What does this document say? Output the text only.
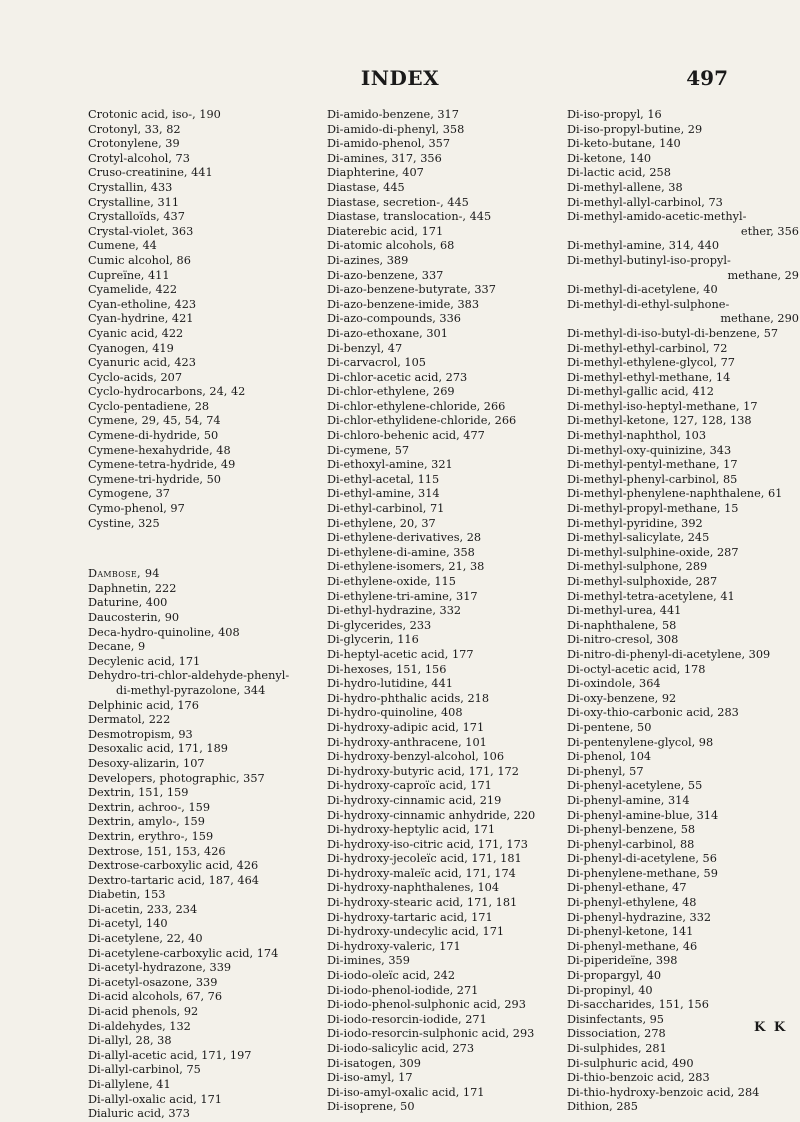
INDEX	497
Crotonic acid, iso-, 190
Crotonyl, 33, 82
Crotonylene, 39
Crotyl-alcohol, 73
Cruso-creatinine, 441
Crystallin, 433
Crystalline, 311
Crystalloïds, 437
Crystal-violet, 363
Cumene, 44
Cumic alcohol, 86
Cupreïne, 411
Cyamelide, 422
Cyan-etholine, 423
Cyan-hydrine, 421
Cyanic acid, 422
Cyanogen, 419
Cyanuric acid, 423
Cyclo-acids, 207
Cyclo-hydrocarbons, 24, 42
Cyclo-pentadiene, 28
Cymene, 29, 45, 54, 74
Cymene-di-hydride, 50
Cymene-hexahydride, 48
Cymene-tetra-hydride, 49
Cymene-tri-hydride, 50
Cymogene, 37
Cymo-phenol, 97
Cystine, 325
Dambose, 94
Daphnetin, 222
Daturine, 400
Daucosterin, 90
Deca-hydro-quinoline, 408
Decane, 9
Decylenic acid, 171
Dehydro-tri-chlor-aldehyde-phenyl-
di-methyl-pyrazolone, 344
Delphinic acid, 176
Dermatol, 222
Desmotropism, 93
Desoxalic acid, 171, 189
Desoxy-alizarin, 107
Developers, photographic, 357
Dextrin, 151, 159
Dextrin, achroo-, 159
Dextrin, amylo-, 159
Dextrin, erythro-, 159
Dextrose, 151, 153, 426
Dextrose-carboxylic acid, 426
Dextro-tartaric acid, 187, 464
Diabetin, 153
Di-acetin, 233, 234
Di-acetyl, 140
Di-acetylene, 22, 40
Di-acetylene-carboxylic acid, 174
Di-acetyl-hydrazone, 339
Di-acetyl-osazone, 339
Di-acid alcohols, 67, 76
Di-acid phenols, 92
Di-aldehydes, 132
Di-allyl, 28, 38
Di-allyl-acetic acid, 171, 197
Di-allyl-carbinol, 75
Di-allylene, 41
Di-allyl-oxalic acid, 171
Dialuric acid, 373
Di-amido-benzene, 317
Di-amido-di-phenyl, 358
Di-amido-phenol, 357
Di-amines, 317, 356
Diaphterine, 407
Diastase, 445
Diastase, secretion-, 445
Diastase, translocation-, 445
Diaterebic acid, 171
Di-atomic alcohols, 68
Di-azines, 389
Di-azo-benzene, 337
Di-azo-benzene-butyrate, 337
Di-azo-benzene-imide, 383
Di-azo-compounds, 336
Di-azo-ethoxane, 301
Di-benzyl, 47
Di-carvacrol, 105
Di-chlor-acetic acid, 273
Di-chlor-ethylene, 269
Di-chlor-ethylene-chloride, 266
Di-chlor-ethylidene-chloride, 266
Di-chloro-behenic acid, 477
Di-cymene, 57
Di-ethoxyl-amine, 321
Di-ethyl-acetal, 115
Di-ethyl-amine, 314
Di-ethyl-carbinol, 71
Di-ethylene, 20, 37
Di-ethylene-derivatives, 28
Di-ethylene-di-amine, 358
Di-ethylene-isomers, 21, 38
Di-ethylene-oxide, 115
Di-ethylene-tri-amine, 317
Di-ethyl-hydrazine, 332
Di-glycerides, 233
Di-glycerin, 116
Di-heptyl-acetic acid, 177
Di-hexoses, 151, 156
Di-hydro-lutidine, 441
Di-hydro-phthalic acids, 218
Di-hydro-quinoline, 408
Di-hydroxy-adipic acid, 171
Di-hydroxy-anthracene, 101
Di-hydroxy-benzyl-alcohol, 106
Di-hydroxy-butyric acid, 171, 172
Di-hydroxy-caproïc acid, 171
Di-hydroxy-cinnamic acid, 219
Di-hydroxy-cinnamic anhydride, 220
Di-hydroxy-heptylic acid, 171
Di-hydroxy-iso-citric acid, 171, 173
Di-hydroxy-jecoleïc acid, 171, 181
Di-hydroxy-maleïc acid, 171, 174
Di-hydroxy-naphthalenes, 104
Di-hydroxy-stearic acid, 171, 181
Di-hydroxy-tartaric acid, 171
Di-hydroxy-undecylic acid, 171
Di-hydroxy-valeric, 171
Di-imines, 359
Di-iodo-oleïc acid, 242
Di-iodo-phenol-iodide, 271
Di-iodo-phenol-sulphonic acid, 293
Di-iodo-resorcin-iodide, 271
Di-iodo-resorcin-sulphonic acid, 293
Di-iodo-salicylic acid, 273
Di-isatogen, 309
Di-iso-amyl, 17
Di-iso-amyl-oxalic acid, 171
Di-isoprene, 50
Di-iso-propyl, 16
Di-iso-propyl-butine, 29
Di-keto-butane, 140
Di-ketone, 140
Di-lactic acid, 258
Di-methyl-allene, 38
Di-methyl-allyl-carbinol, 73
Di-methyl-amido-acetic-methyl-
ether, 356
Di-methyl-amine, 314, 440
Di-methyl-butinyl-iso-propyl-
methane, 29
Di-methyl-di-acetylene, 40
Di-methyl-di-ethyl-sulphone-
methane, 290
Di-methyl-di-iso-butyl-di-benzene, 57
Di-methyl-ethyl-carbinol, 72
Di-methyl-ethylene-glycol, 77
Di-methyl-ethyl-methane, 14
Di-methyl-gallic acid, 412
Di-methyl-iso-heptyl-methane, 17
Di-methyl-ketone, 127, 128, 138
Di-methyl-naphthol, 103
Di-methyl-oxy-quinizine, 343
Di-methyl-pentyl-methane, 17
Di-methyl-phenyl-carbinol, 85
Di-methyl-phenylene-naphthalene, 61
Di-methyl-propyl-methane, 15
Di-methyl-pyridine, 392
Di-methyl-salicylate, 245
Di-methyl-sulphine-oxide, 287
Di-methyl-sulphone, 289
Di-methyl-sulphoxide, 287
Di-methyl-tetra-acetylene, 41
Di-methyl-urea, 441
Di-naphthalene, 58
Di-nitro-cresol, 308
Di-nitro-di-phenyl-di-acetylene, 309
Di-octyl-acetic acid, 178
Di-oxindole, 364
Di-oxy-benzene, 92
Di-oxy-thio-carbonic acid, 283
Di-pentene, 50
Di-pentenylene-glycol, 98
Di-phenol, 104
Di-phenyl, 57
Di-phenyl-acetylene, 55
Di-phenyl-amine, 314
Di-phenyl-amine-blue, 314
Di-phenyl-benzene, 58
Di-phenyl-carbinol, 88
Di-phenyl-di-acetylene, 56
Di-phenylene-methane, 59
Di-phenyl-ethane, 47
Di-phenyl-ethylene, 48
Di-phenyl-hydrazine, 332
Di-phenyl-ketone, 141
Di-phenyl-methane, 46
Di-piperideïne, 398
Di-propargyl, 40
Di-propinyl, 40
Di-saccharides, 151, 156
Disinfectants, 95
Dissociation, 278
Di-sulphides, 281
Di-sulphuric acid, 490
Di-thio-benzoic acid, 283
Di-thio-hydroxy-benzoic acid, 284
Dithion, 285
K K
